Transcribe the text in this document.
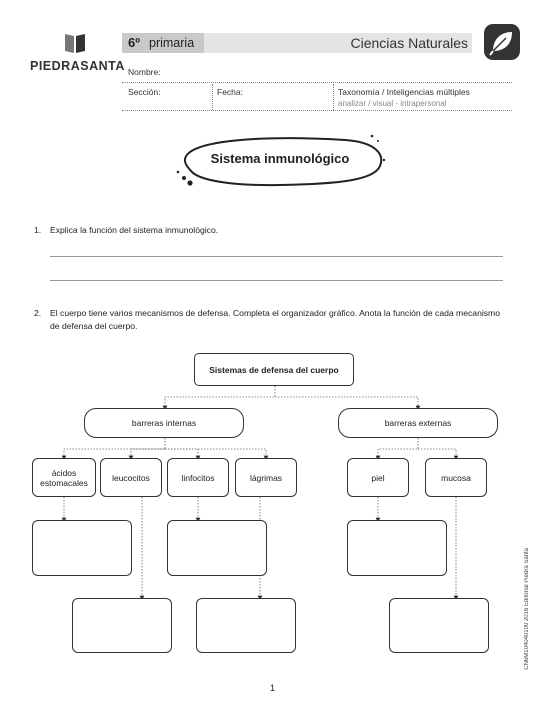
PIEDRASANTA
6º primaria	Ciencias Naturales
Nombre:
Sección:	Fecha:	Taxonomía / Inteligencias múltiples
analizar / visual - intrapersonal
Sistema inmunológico
1. Explica la función del sistema inmunológico.
2. El cuerpo tiene varios mecanismos de defensa. Completa el organizador gráfico. Anota la función de cada mecanismo de defensa del cuerpo.
Sistemas de defensa del cuerpo
barreras internas	barreras externas
ácidos estomacales	leucocitos	linfocitos	lágrimas	piel	mucosa
1
CN6M104040100 2016 Editorial Piedra Santa
